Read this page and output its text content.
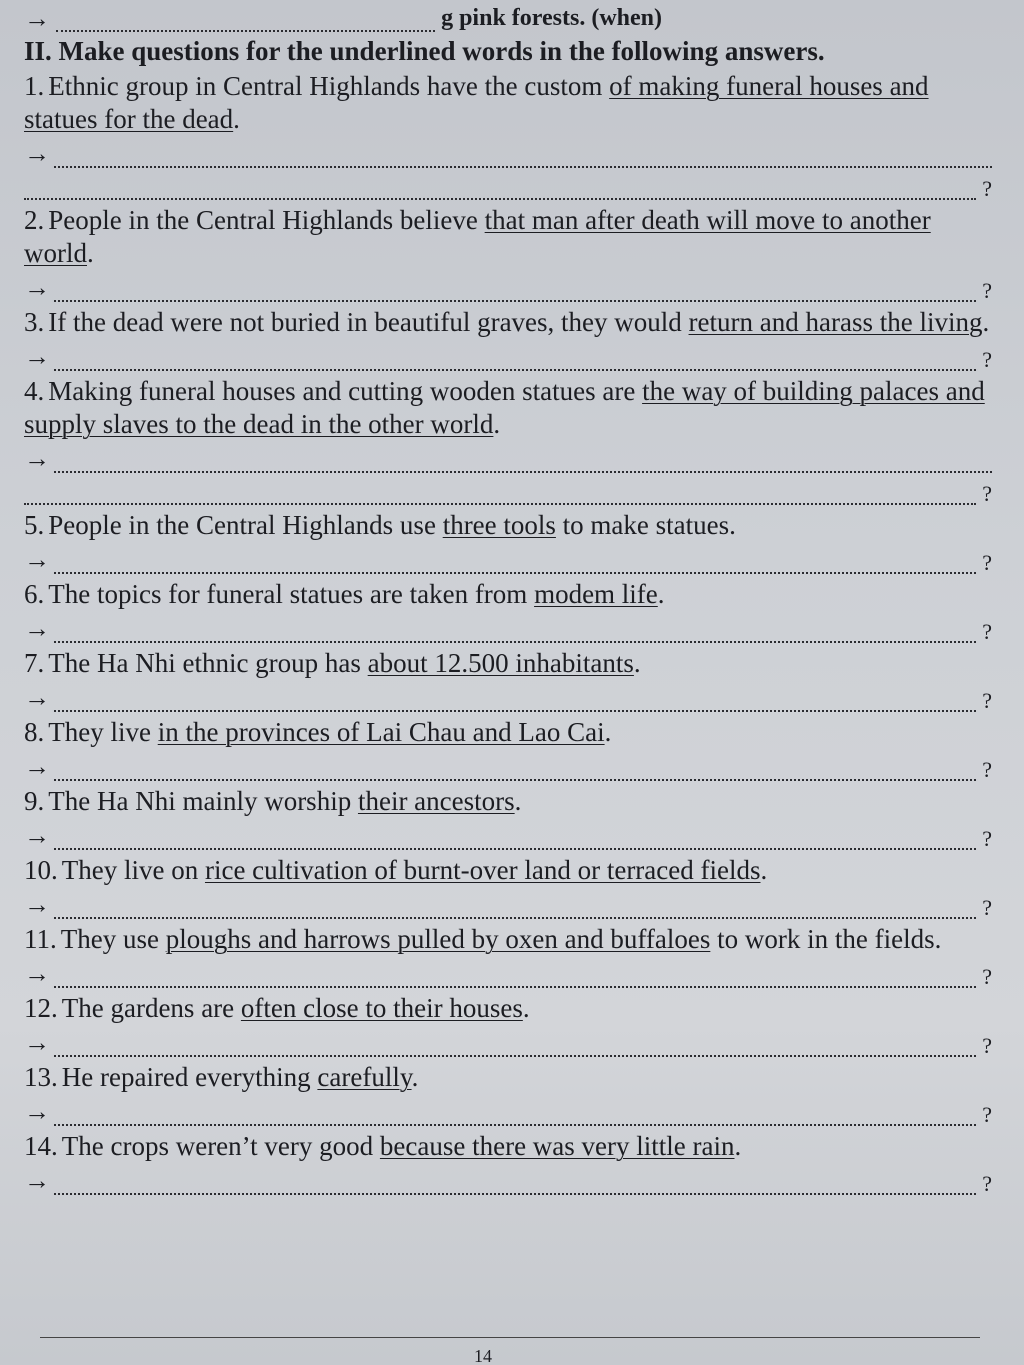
→	g pink forests. (when)
II. Make questions for the underlined words in the following answers.
1. Ethnic group in Central Highlands have the custom of making funeral houses and statues for the dead.
→
?
2. People in the Central Highlands believe that man after death will move to another world.
→	?
3. If the dead were not buried in beautiful graves, they would return and harass the living.
→	?
4. Making funeral houses and cutting wooden statues are the way of building palaces and supply slaves to the dead in the other world.
→
?
5. People in the Central Highlands use three tools to make statues.
→	?
6. The topics for funeral statues are taken from modem life.
→	?
7. The Ha Nhi ethnic group has about 12.500 inhabitants.
→	?
8. They live in the provinces of Lai Chau and Lao Cai.
→	?
9. The Ha Nhi mainly worship their ancestors.
→	?
10. They live on rice cultivation of burnt-over land or terraced fields.
→	?
11. They use ploughs and harrows pulled by oxen and buffaloes to work in the fields.
→	?
12. The gardens are often close to their houses.
→	?
13. He repaired everything carefully.
→	?
14. The crops weren’t very good because there was very little rain.
→	?
14
